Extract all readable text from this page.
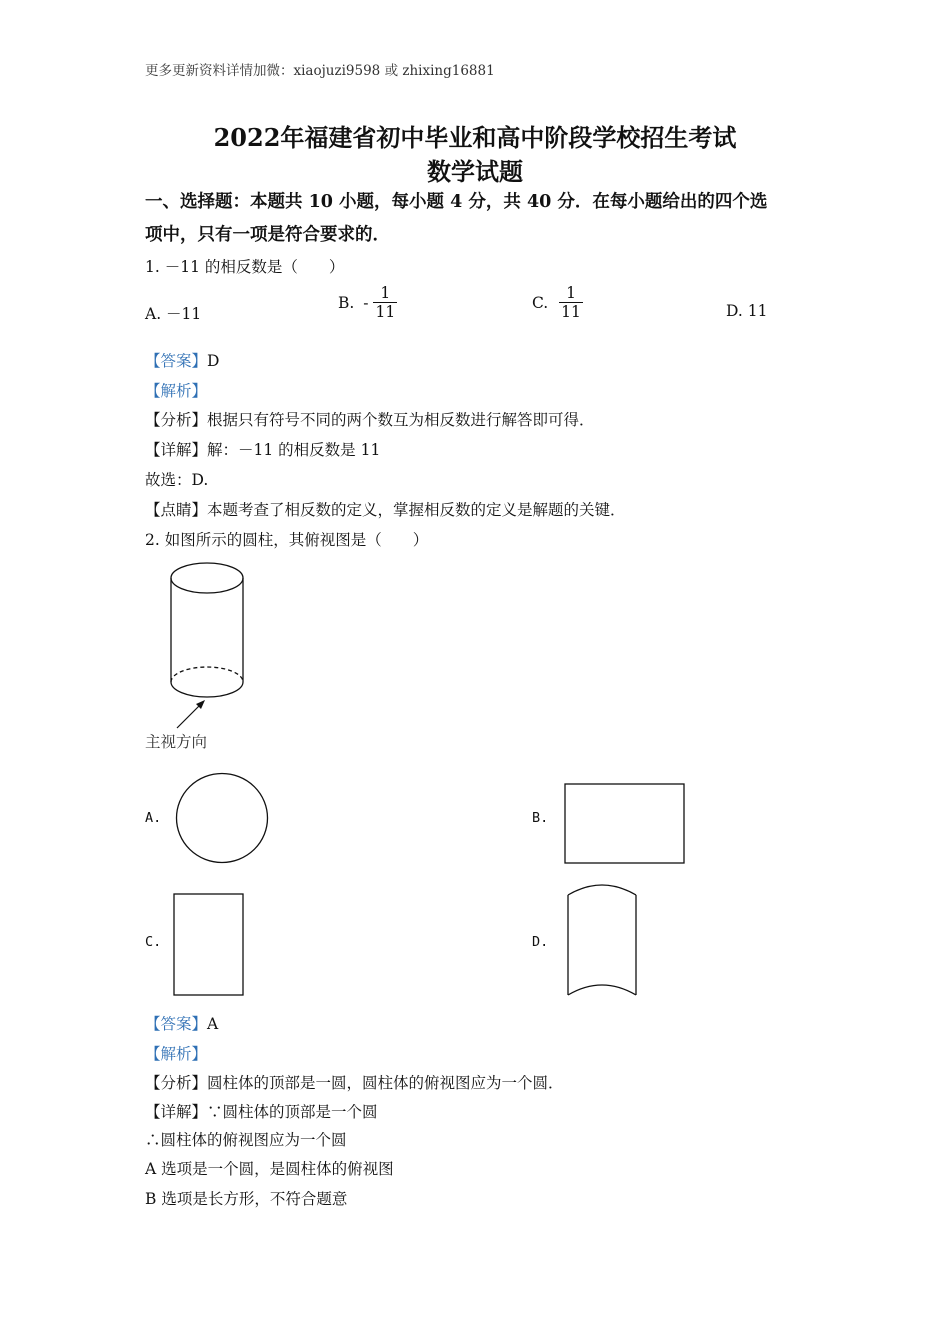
更多更新资料详情加微：xiaojuzi9598 或 zhixing16881
2022年福建省初中毕业和高中阶段学校招生考试
数学试题
一、选择题：本题共 10 小题，每小题 4 分，共 40 分．在每小题给出的四个选
项中，只有一项是符合要求的．
1. －11 的相反数是（　　）
A. －11
B. - $\frac{1}{11}$	C. $\frac{1}{11}$	D. 11
【答案】D
【解析】
【分析】根据只有符号不同的两个数互为相反数进行解答即可得．
【详解】解：－11 的相反数是 11
故选：D.
【点睛】本题考查了相反数的定义，掌握相反数的定义是解题的关键．
2. 如图所示的圆柱，其俯视图是（　　）
主视方向
A.	B.
C.	D.
【答案】A
【解析】
【分析】圆柱体的顶部是一圆，圆柱体的俯视图应为一个圆．
【详解】∵圆柱体的顶部是一个圆
∴圆柱体的俯视图应为一个圆
A 选项是一个圆，是圆柱体的俯视图
B 选项是长方形，不符合题意
